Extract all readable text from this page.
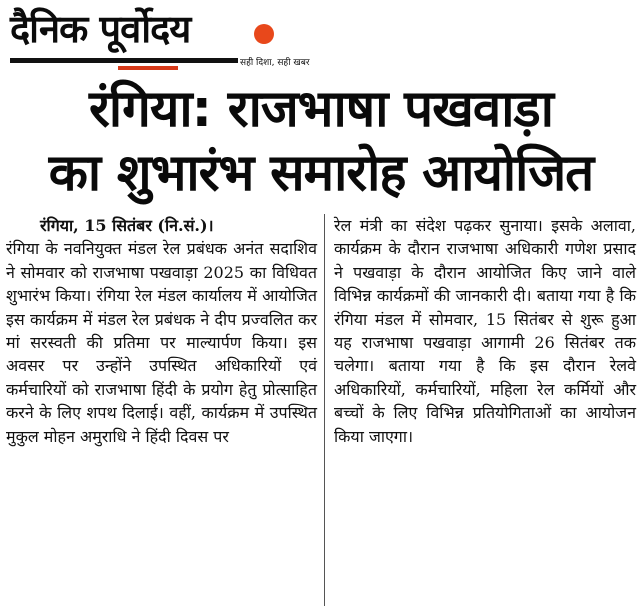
दैनिक पूर्वोदय
सही दिशा, सही खबर
रंगिया: राजभाषा पखवाड़ा
का शुभारंभ समारोह आयोजित
रंगिया, 15 सितंबर (नि.सं.)।
रंगिया के नवनियुक्त मंडल रेल प्रबंधक अनंत सदाशिव ने सोमवार को राजभाषा पखवाड़ा 2025 का विधिवत शुभारंभ किया। रंगिया रेल मंडल कार्यालय में आयोजित इस कार्यक्रम में मंडल रेल प्रबंधक ने दीप प्रज्वलित कर मां सरस्वती की प्रतिमा पर माल्यार्पण किया। इस अवसर पर उन्होंने उपस्थित अधिकारियों एवं कर्मचारियों को राजभाषा हिंदी के प्रयोग हेतु प्रोत्साहित करने के लिए शपथ दिलाई। वहीं, कार्यक्रम में उपस्थित मुकुल मोहन अमुराधि ने हिंदी दिवस पर
रेल मंत्री का संदेश पढ़कर सुनाया। इसके अलावा, कार्यक्रम के दौरान राजभाषा अधिकारी गणेश प्रसाद ने पखवाड़ा के दौरान आयोजित किए जाने वाले विभिन्न कार्यक्रमों की जानकारी दी। बताया गया है कि रंगिया मंडल में सोमवार, 15 सितंबर से शुरू हुआ यह राजभाषा पखवाड़ा आगामी 26 सितंबर तक चलेगा। बताया गया है कि इस दौरान रेलवे अधिकारियों, कर्मचारियों, महिला रेल कर्मियों और बच्चों के लिए विभिन्न प्रतियोगिताओं का आयोजन किया जाएगा।
